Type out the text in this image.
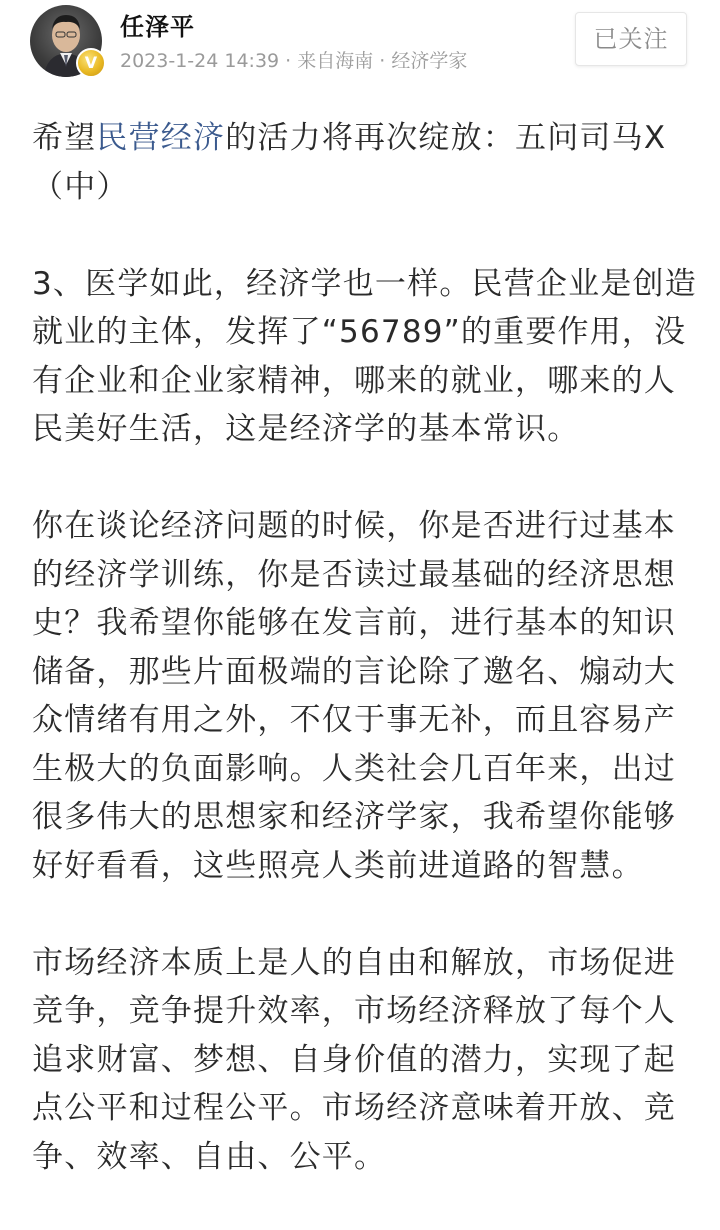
V
任泽平
2023-1-24 14:39 · 来自海南 · 经济学家
已关注

希望民营经济的活力将再次绽放：五问司马X（中）

3、医学如此，经济学也一样。民营企业是创造就业的主体，发挥了“56789”的重要作用，没有企业和企业家精神，哪来的就业，哪来的人民美好生活，这是经济学的基本常识。

你在谈论经济问题的时候，你是否进行过基本的经济学训练，你是否读过最基础的经济思想史？我希望你能够在发言前，进行基本的知识储备，那些片面极端的言论除了邀名、煽动大众情绪有用之外，不仅于事无补，而且容易产生极大的负面影响。人类社会几百年来，出过很多伟大的思想家和经济学家，我希望你能够好好看看，这些照亮人类前进道路的智慧。

市场经济本质上是人的自由和解放，市场促进竞争，竞争提升效率，市场经济释放了每个人追求财富、梦想、自身价值的潜力，实现了起点公平和过程公平。市场经济意味着开放、竞争、效率、自由、公平。
